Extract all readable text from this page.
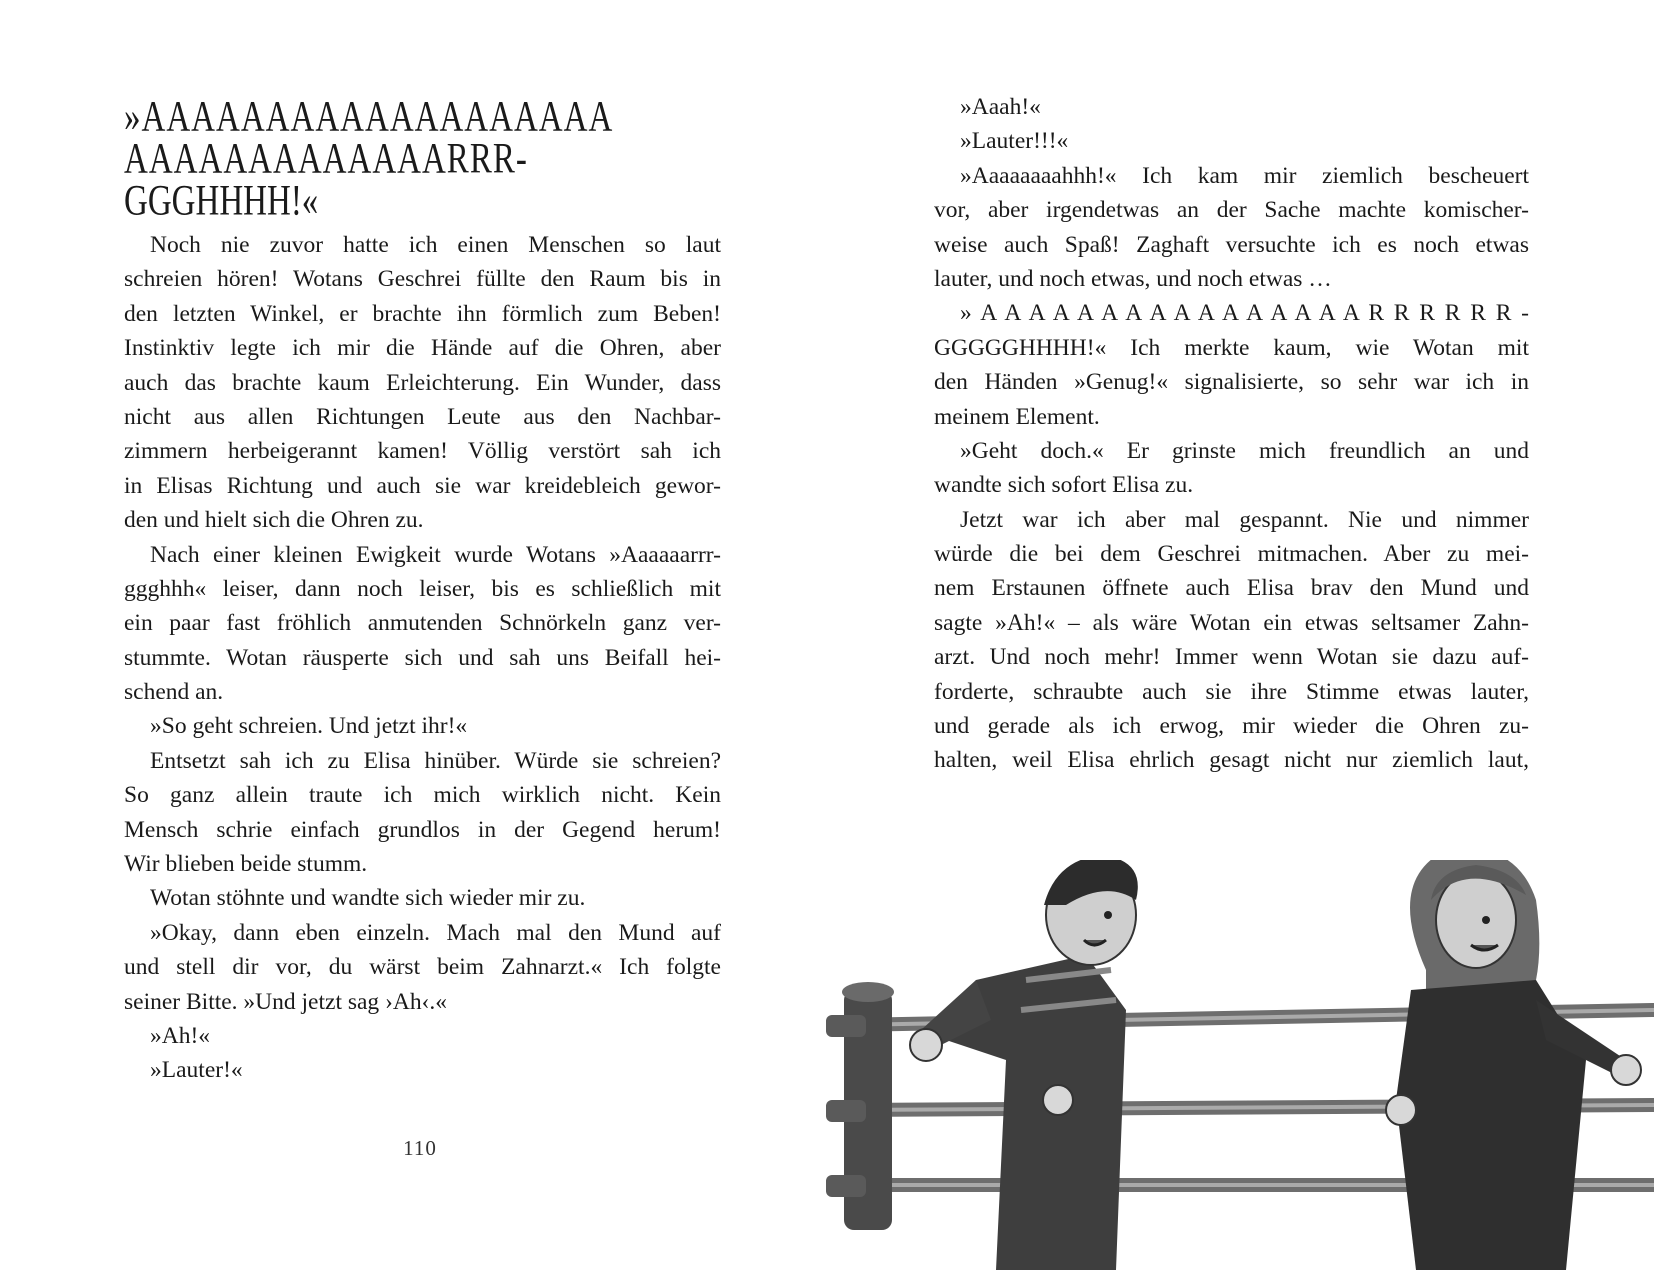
»AAAAAAAAAAAAAAAAAAA
AAAAAAAAAAAAARRR-
GGGHHHH!«
Noch nie zuvor hatte ich einen Menschen so laut
schreien hören! Wotans Geschrei füllte den Raum bis in
den letzten Winkel, er brachte ihn förmlich zum Beben!
Instinktiv legte ich mir die Hände auf die Ohren, aber
auch das brachte kaum Erleichterung. Ein Wunder, dass
nicht aus allen Richtungen Leute aus den Nachbar-
zimmern herbeigerannt kamen! Völlig verstört sah ich
in Elisas Richtung und auch sie war kreidebleich gewor-
den und hielt sich die Ohren zu.
Nach einer kleinen Ewigkeit wurde Wotans »Aaaaaarrr-
ggghhh« leiser, dann noch leiser, bis es schließlich mit
ein paar fast fröhlich anmutenden Schnörkeln ganz ver-
stummte. Wotan räusperte sich und sah uns Beifall hei-
schend an.
»So geht schreien. Und jetzt ihr!«
Entsetzt sah ich zu Elisa hinüber. Würde sie schreien?
So ganz allein traute ich mich wirklich nicht. Kein
Mensch schrie einfach grundlos in der Gegend herum!
Wir blieben beide stumm.
Wotan stöhnte und wandte sich wieder mir zu.
»Okay, dann eben einzeln. Mach mal den Mund auf
und stell dir vor, du wärst beim Zahnarzt.« Ich folgte
seiner Bitte. »Und jetzt sag ›Ah‹.«
»Ah!«
»Lauter!«
»Aaah!«
»Lauter!!!«
»Aaaaaaaahhh!« Ich kam mir ziemlich bescheuert
vor, aber irgendetwas an der Sache machte komischer-
weise auch Spaß! Zaghaft versuchte ich es noch etwas
lauter, und noch etwas, und noch etwas …
» A A A A A A A A A A A A A A A A R R R R R R -
GGGGGHHHH!« Ich merkte kaum, wie Wotan mit
den Händen »Genug!« signalisierte, so sehr war ich in
meinem Element.
»Geht doch.« Er grinste mich freundlich an und
wandte sich sofort Elisa zu.
Jetzt war ich aber mal gespannt. Nie und nimmer
würde die bei dem Geschrei mitmachen. Aber zu mei-
nem Erstaunen öffnete auch Elisa brav den Mund und
sagte »Ah!« – als wäre Wotan ein etwas seltsamer Zahn-
arzt. Und noch mehr! Immer wenn Wotan sie dazu auf-
forderte, schraubte auch sie ihre Stimme etwas lauter,
und gerade als ich erwog, mir wieder die Ohren zu-
halten, weil Elisa ehrlich gesagt nicht nur ziemlich laut,
110
